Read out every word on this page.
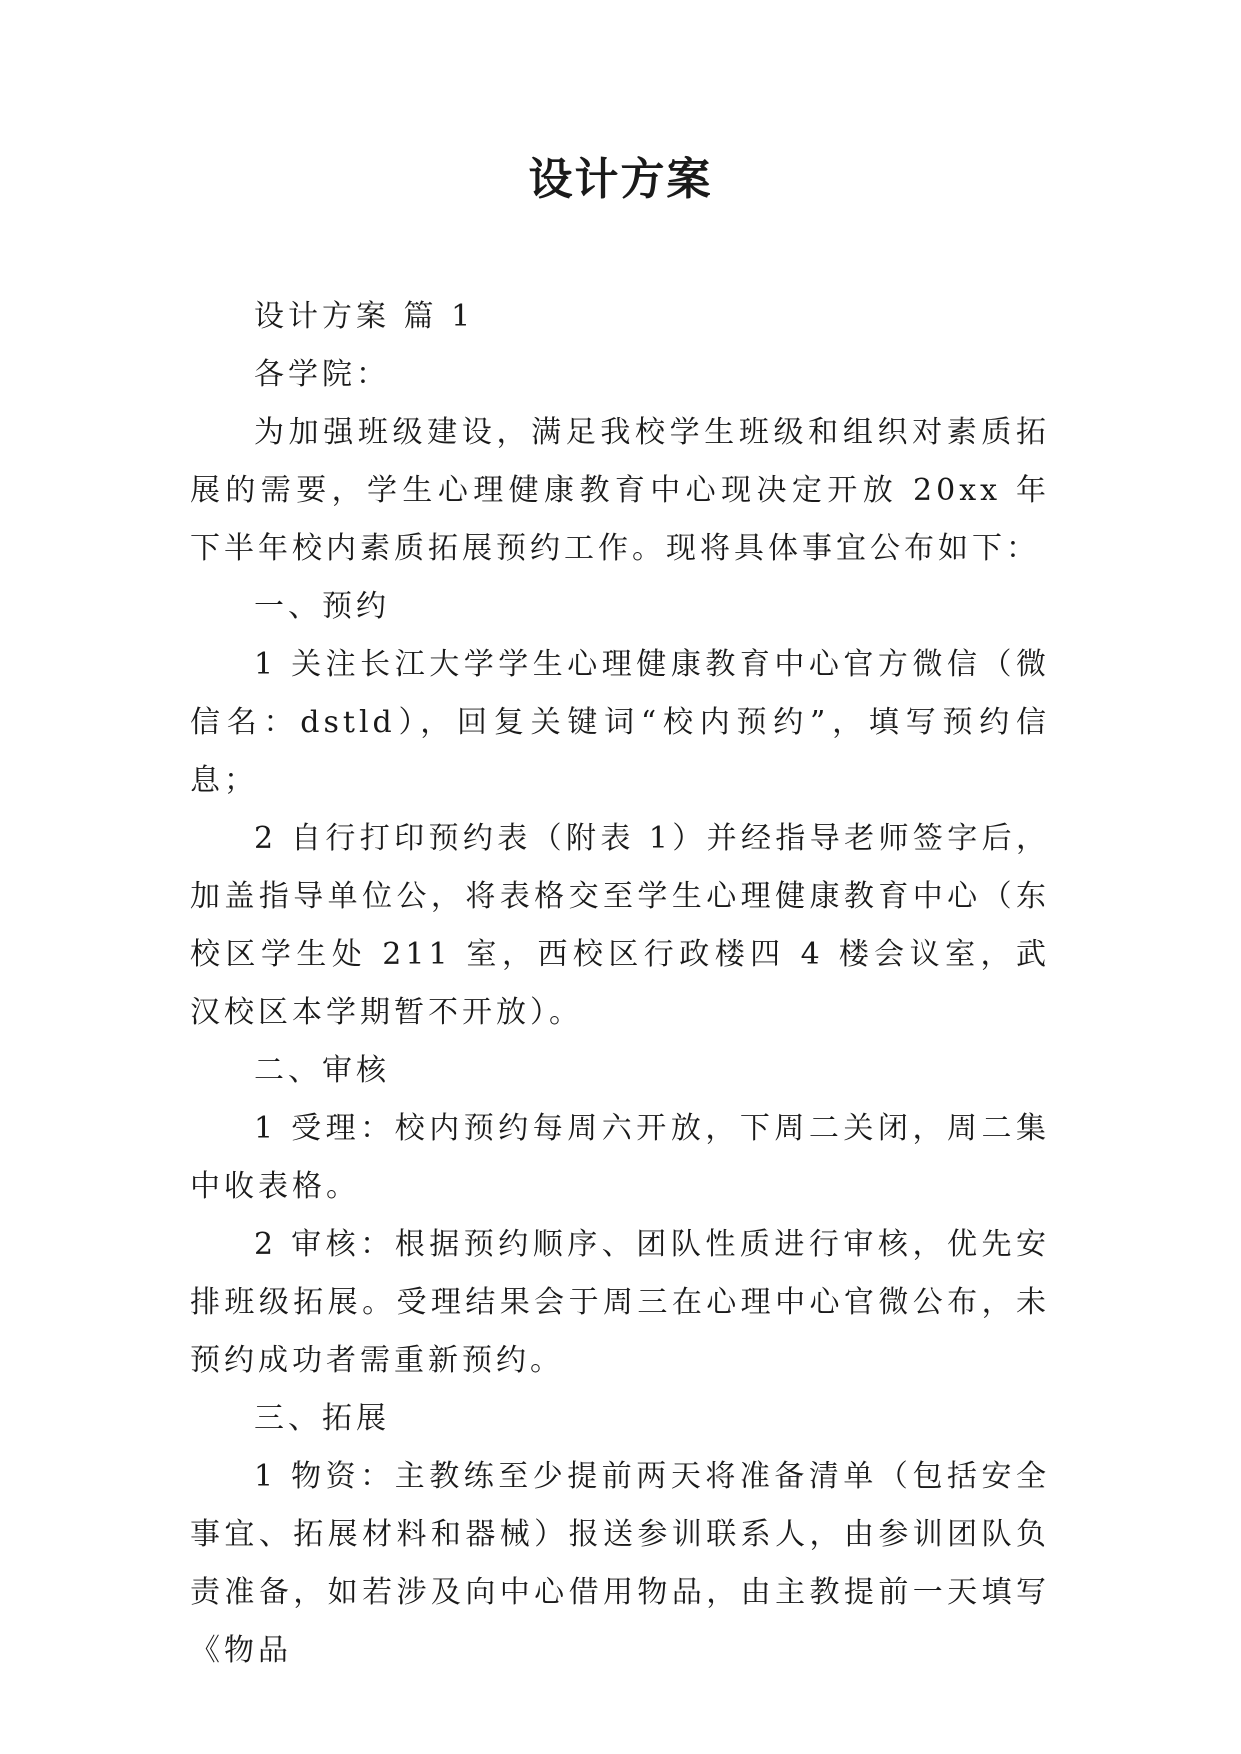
设计方案

设计方案 篇 1

各学院：

为加强班级建设，满足我校学生班级和组织对素质拓展的需要，学生心理健康教育中心现决定开放 20xx 年下半年校内素质拓展预约工作。现将具体事宜公布如下：

一、预约

1 关注长江大学学生心理健康教育中心官方微信（微信名：dstld），回复关键词“校内预约”，填写预约信息；

2 自行打印预约表（附表 1）并经指导老师签字后，加盖指导单位公，将表格交至学生心理健康教育中心（东校区学生处 211 室，西校区行政楼四 4 楼会议室，武汉校区本学期暂不开放）。

二、审核

1 受理：校内预约每周六开放，下周二关闭，周二集中收表格。

2 审核：根据预约顺序、团队性质进行审核，优先安排班级拓展。受理结果会于周三在心理中心官微公布，未预约成功者需重新预约。

三、拓展

1 物资：主教练至少提前两天将准备清单（包括安全事宜、拓展材料和器械）报送参训联系人，由参训团队负责准备，如若涉及向中心借用物品，由主教提前一天填写《物品
